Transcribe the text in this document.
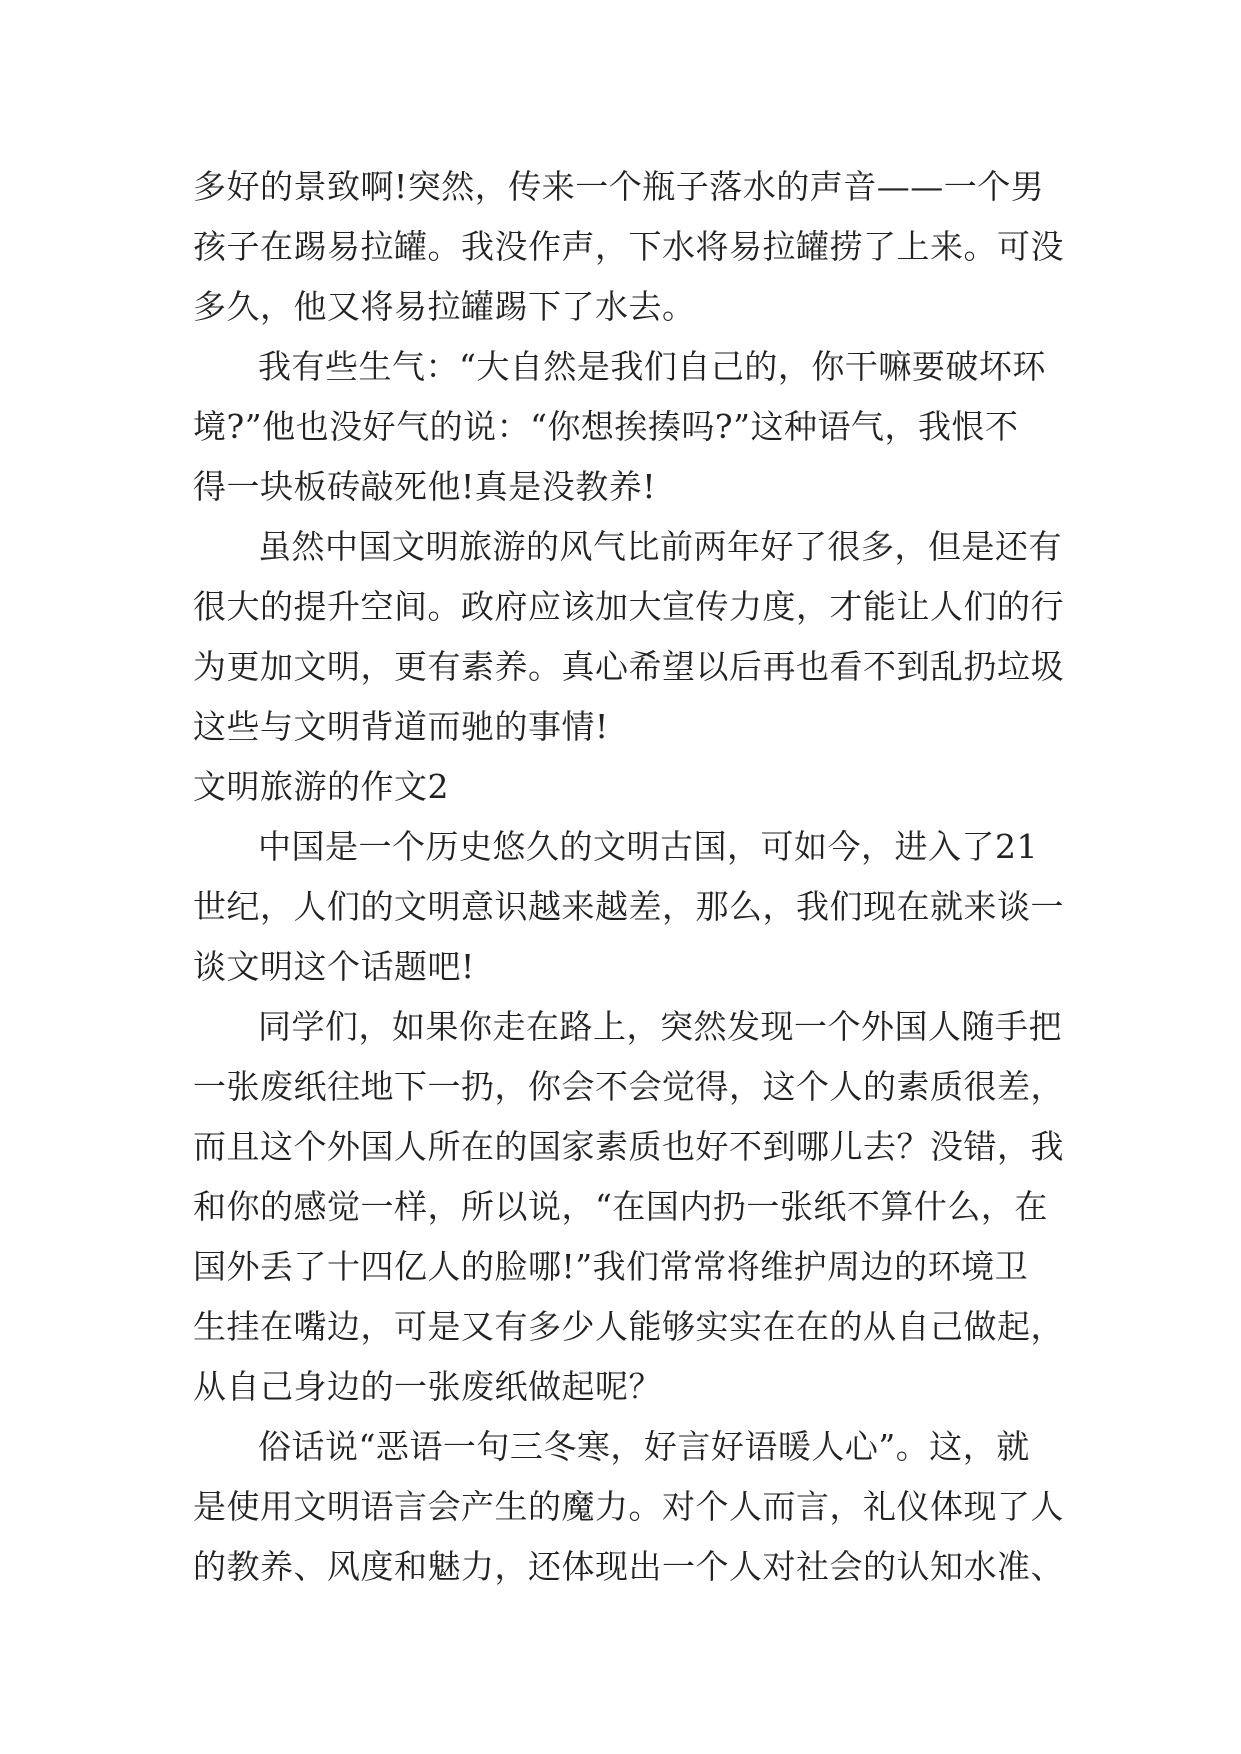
多好的景致啊!突然，传来一个瓶子落水的声音——一个男
孩子在踢易拉罐。我没作声，下水将易拉罐捞了上来。可没
多久，他又将易拉罐踢下了水去。
我有些生气：“大自然是我们自己的，你干嘛要破坏环
境?”他也没好气的说：“你想挨揍吗?”这种语气，我恨不
得一块板砖敲死他!真是没教养!
虽然中国文明旅游的风气比前两年好了很多，但是还有
很大的提升空间。政府应该加大宣传力度，才能让人们的行
为更加文明，更有素养。真心希望以后再也看不到乱扔垃圾
这些与文明背道而驰的事情!
文明旅游的作文2
中国是一个历史悠久的文明古国，可如今，进入了21
世纪，人们的文明意识越来越差，那么，我们现在就来谈一
谈文明这个话题吧!
同学们，如果你走在路上，突然发现一个外国人随手把
一张废纸往地下一扔，你会不会觉得，这个人的素质很差，
而且这个外国人所在的国家素质也好不到哪儿去？没错，我
和你的感觉一样，所以说，“在国内扔一张纸不算什么，在
国外丢了十四亿人的脸哪!”我们常常将维护周边的环境卫
生挂在嘴边，可是又有多少人能够实实在在的从自己做起，
从自己身边的一张废纸做起呢？
俗话说“恶语一句三冬寒，好言好语暖人心”。这，就
是使用文明语言会产生的魔力。对个人而言，礼仪体现了人
的教养、风度和魅力，还体现出一个人对社会的认知水准、
